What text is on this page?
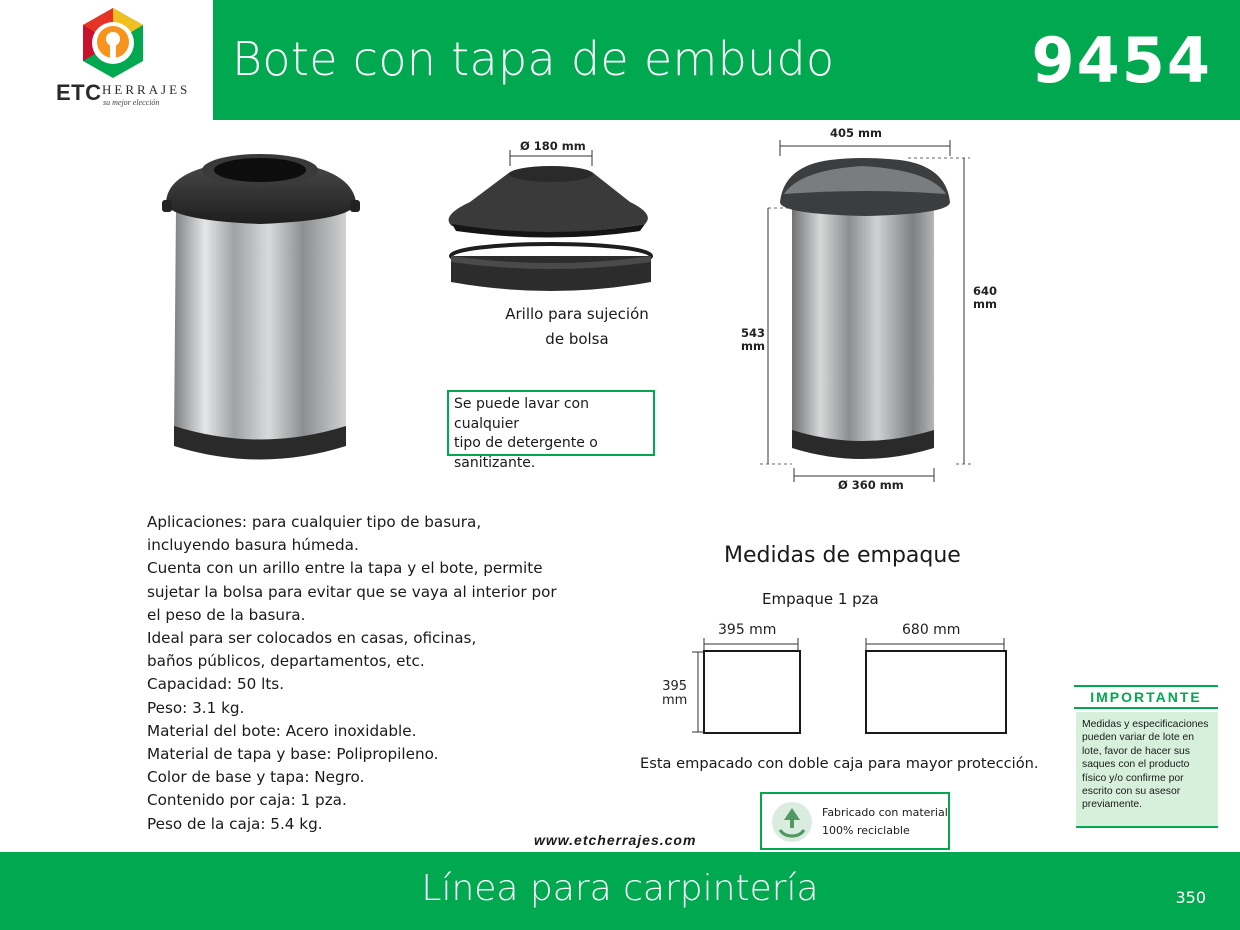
ETC HERRAJES
su mejor elección
Bote con tapa de embudo	9454
Ø 180 mm
Arillo para sujeción
de bolsa
Se puede lavar con cualquier
tipo de detergente o
sanitizante.
405 mm
640
mm
543
mm
Ø 360 mm
Aplicaciones: para cualquier tipo de basura,
incluyendo basura húmeda.
Cuenta con un arillo entre la tapa y el bote, permite
sujetar la bolsa para evitar que se vaya al interior por
el peso de la basura.
Ideal para ser colocados en casas, oficinas,
baños públicos, departamentos, etc.
Capacidad: 50 lts.
Peso: 3.1 kg.
Material del bote: Acero inoxidable.
Material de tapa y base: Polipropileno.
Color de base y tapa: Negro.
Contenido por caja: 1 pza.
Peso de la caja: 5.4 kg.
Medidas de empaque
Empaque 1 pza
395 mm	680 mm
395
mm
Esta empacado con doble caja para mayor protección.
Fabricado con material
100% reciclable
www.etcherrajes.com
IMPORTANTE
Medidas y especificaciones pueden variar de lote en lote, favor de hacer sus saques con el producto físico y/o confirme por escrito con su asesor previamente.
Línea para carpintería	350
